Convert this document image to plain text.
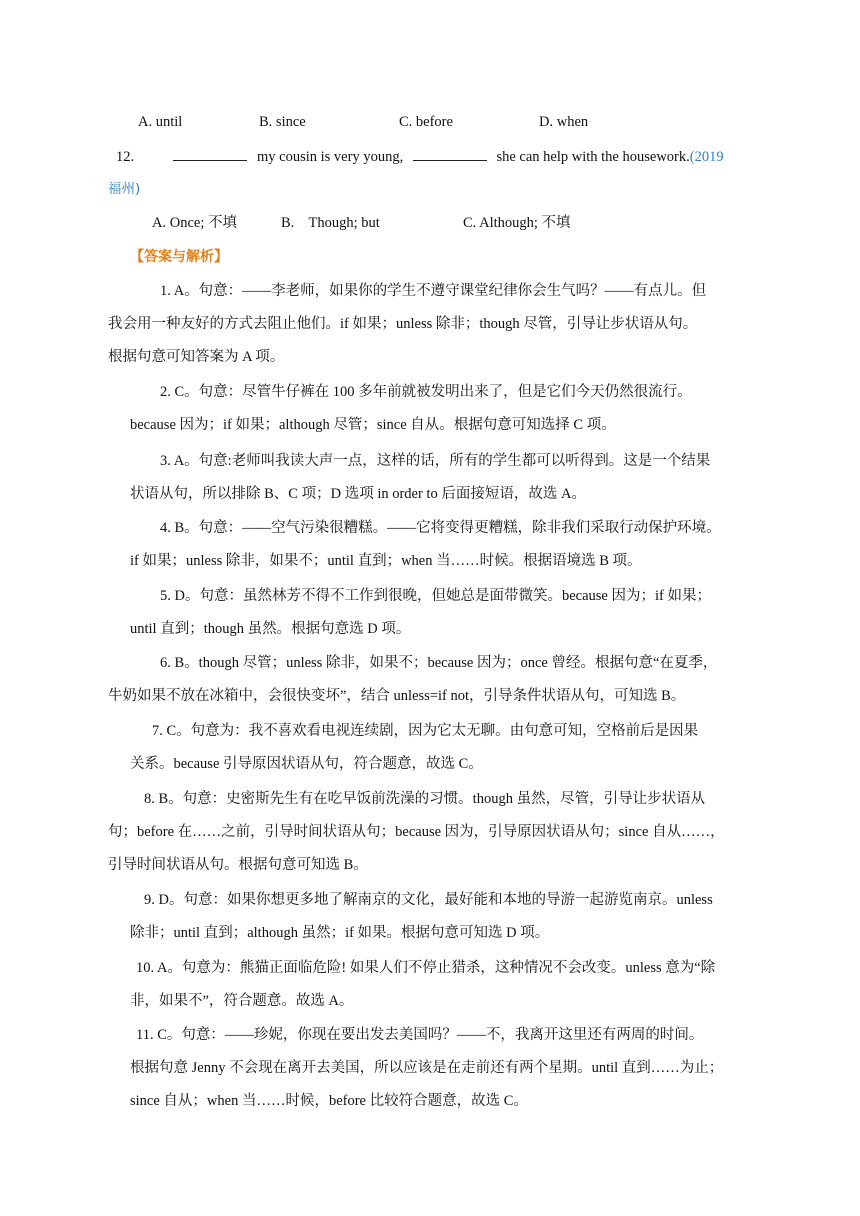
A. until	B. since	C. before	D. when
12.	my cousin is very young,	she can help with the housework.(2019
福州)
A. Once; 不填	B.    Though; but	C. Although; 不填
【答案与解析】
1. A。句意：——李老师，如果你的学生不遵守课堂纪律你会生气吗？——有点儿。但
我会用一种友好的方式去阻止他们。if 如果；unless 除非；though 尽管，引导让步状语从句。
根据句意可知答案为 A 项。
2. C。句意：尽管牛仔裤在 100 多年前就被发明出来了，但是它们今天仍然很流行。
because 因为；if 如果；although 尽管；since 自从。根据句意可知选择 C 项。
3. A。句意:老师叫我读大声一点，这样的话，所有的学生都可以听得到。这是一个结果
状语从句，所以排除 B、C 项；D 选项 in order to 后面接短语，故选 A。
4. B。句意：——空气污染很糟糕。——它将变得更糟糕，除非我们采取行动保护环境。
if 如果；unless 除非，如果不；until 直到；when 当……时候。根据语境选 B 项。
5. D。句意：虽然林芳不得不工作到很晚，但她总是面带微笑。because 因为；if 如果；
until 直到；though 虽然。根据句意选 D 项。
6. B。though 尽管；unless 除非，如果不；because 因为；once 曾经。根据句意“在夏季，
牛奶如果不放在冰箱中，会很快变坏”，结合 unless=if not，引导条件状语从句，可知选 B。
7. C。句意为：我不喜欢看电视连续剧，因为它太无聊。由句意可知，空格前后是因果
关系。because 引导原因状语从句，符合题意，故选 C。
8. B。句意：史密斯先生有在吃早饭前洗澡的习惯。though 虽然，尽管，引导让步状语从
句；before 在……之前，引导时间状语从句；because 因为，引导原因状语从句；since 自从……，
引导时间状语从句。根据句意可知选 B。
9. D。句意：如果你想更多地了解南京的文化，最好能和本地的导游一起游览南京。unless
除非；until 直到；although 虽然；if 如果。根据句意可知选 D 项。
10. A。句意为：熊猫正面临危险! 如果人们不停止猎杀，这种情况不会改变。unless 意为“除
非，如果不”，符合题意。故选 A。
11. C。句意：——珍妮，你现在要出发去美国吗？——不，我离开这里还有两周的时间。
根据句意 Jenny 不会现在离开去美国，所以应该是在走前还有两个星期。until 直到……为止；
since 自从；when 当……时候，before 比较符合题意，故选 C。
